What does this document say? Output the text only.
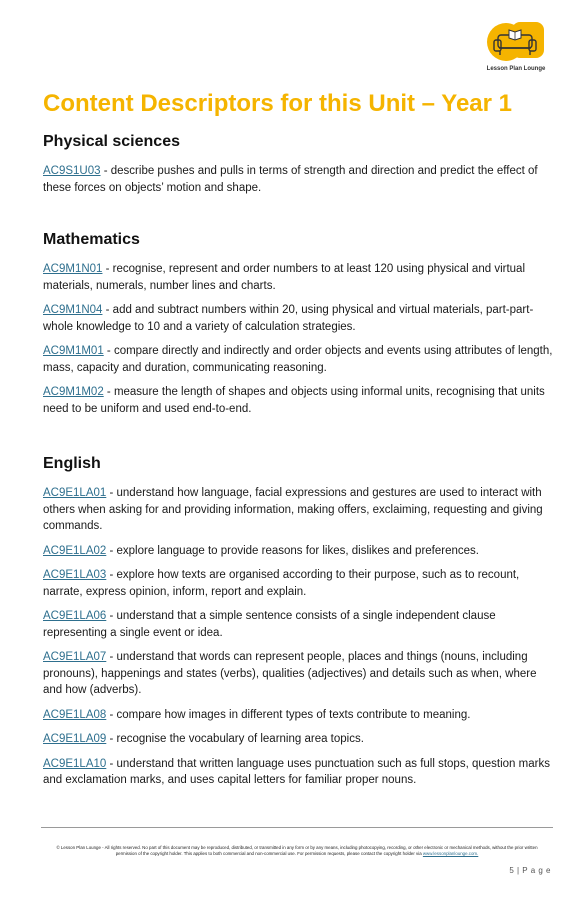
Lesson Plan Lounge
Content Descriptors for this Unit – Year 1
Physical sciences

AC9S1U03 - describe pushes and pulls in terms of strength and direction and predict the effect of these forces on objects’ motion and shape.

Mathematics

AC9M1N01 - recognise, represent and order numbers to at least 120 using physical and virtual materials, numerals, number lines and charts.

AC9M1N04 - add and subtract numbers within 20, using physical and virtual materials, part-part-whole knowledge to 10 and a variety of calculation strategies.

AC9M1M01 - compare directly and indirectly and order objects and events using attributes of length, mass, capacity and duration, communicating reasoning.

AC9M1M02 - measure the length of shapes and objects using informal units, recognising that units need to be uniform and used end-to-end.

English

AC9E1LA01 - understand how language, facial expressions and gestures are used to interact with others when asking for and providing information, making offers, exclaiming, requesting and giving commands.

AC9E1LA02 - explore language to provide reasons for likes, dislikes and preferences.

AC9E1LA03 - explore how texts are organised according to their purpose, such as to recount, narrate, express opinion, inform, report and explain.

AC9E1LA06 - understand that a simple sentence consists of a single independent clause representing a single event or idea.

AC9E1LA07 - understand that words can represent people, places and things (nouns, including pronouns), happenings and states (verbs), qualities (adjectives) and details such as when, where and how (adverbs).

AC9E1LA08 - compare how images in different types of texts contribute to meaning.

AC9E1LA09 - recognise the vocabulary of learning area topics.

AC9E1LA10 - understand that written language uses punctuation such as full stops, question marks and exclamation marks, and uses capital letters for familiar proper nouns.

© Lesson Plan Lounge - All rights reserved. No part of this document may be reproduced, distributed, or transmitted in any form or by any means, including photocopying, recording, or other electronic or mechanical methods, without the prior written permission of the copyright holder. This applies to both commercial and non-commercial use. For permission requests, please contact the copyright holder via www.lessonplanlounge.com.
5 | P a g e
